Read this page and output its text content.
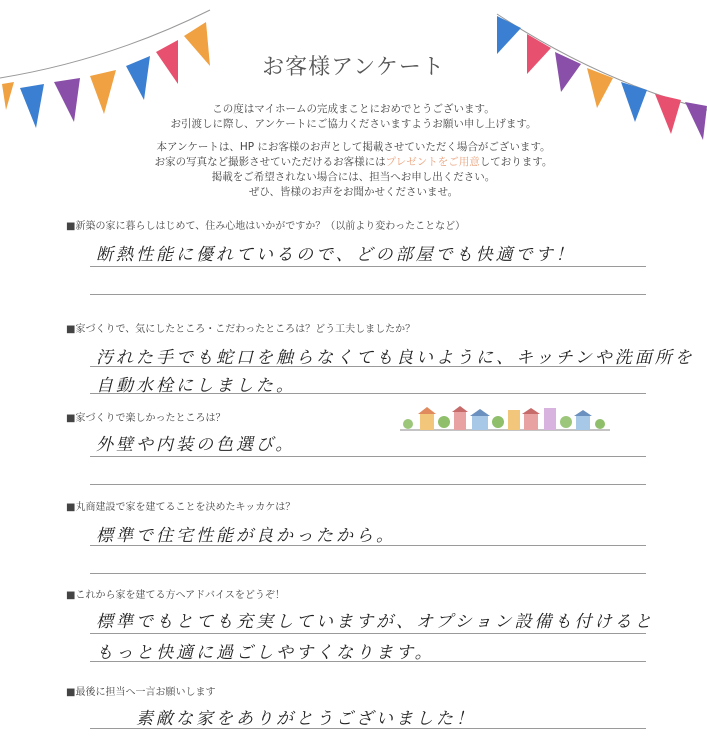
お客様アンケート

この度はマイホームの完成まことにおめでとうございます。

お引渡しに際し、アンケートにご協力くださいますようお願い申し上げます。

本アンケートは、HP にお客様のお声として掲載させていただく場合がございます。

お家の写真など撮影させていただけるお客様にはプレゼントをご用意しております。

掲載をご希望されない場合には、担当へお申し出ください。

ぜひ、皆様のお声をお聞かせくださいませ。

■新築の家に暮らしはじめて、住み心地はいかがですか？（以前より変わったことなど）
断熱性能に優れているので、どの部屋でも快適です！
■家づくりで、気にしたところ・こだわったところは？どう工夫しましたか？
汚れた手でも蛇口を触らなくても良いように、キッチンや洗面所を
自動水栓にしました。
■家づくりで楽しかったところは？
外壁や内装の色選び。
■丸商建設で家を建てることを決めたキッカケは？
標準で住宅性能が良かったから。
■これから家を建てる方へアドバイスをどうぞ！
標準でもとても充実していますが、オプション設備も付けると
もっと快適に過ごしやすくなります。
■最後に担当へ一言お願いします
素敵な家をありがとうございました！
